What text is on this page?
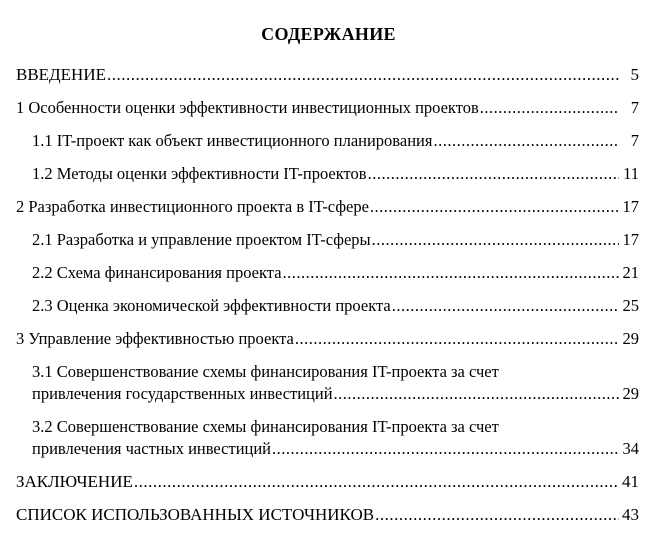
СОДЕРЖАНИЕ
ВВЕДЕНИЕ .....	5
1 Особенности оценки эффективности инвестиционных проектов .....	7
1.1 IT-проект как объект инвестиционного планирования .....	7
1.2 Методы оценки эффективности IT-проектов .....	11
2 Разработка инвестиционного проекта в IT-сфере .....	17
2.1 Разработка и управление проектом IT-сферы .....	17
2.2 Схема финансирования проекта .....	21
2.3 Оценка экономической эффективности проекта .....	25
3 Управление эффективностью проекта .....	29
3.1 Совершенствование схемы финансирования IT-проекта за счет
привлечения государственных инвестиций .....	29
3.2 Совершенствование схемы финансирования IT-проекта за счет
привлечения частных инвестиций .....	34
ЗАКЛЮЧЕНИЕ .....	41
СПИСОК ИСПОЛЬЗОВАННЫХ ИСТОЧНИКОВ .....	43
